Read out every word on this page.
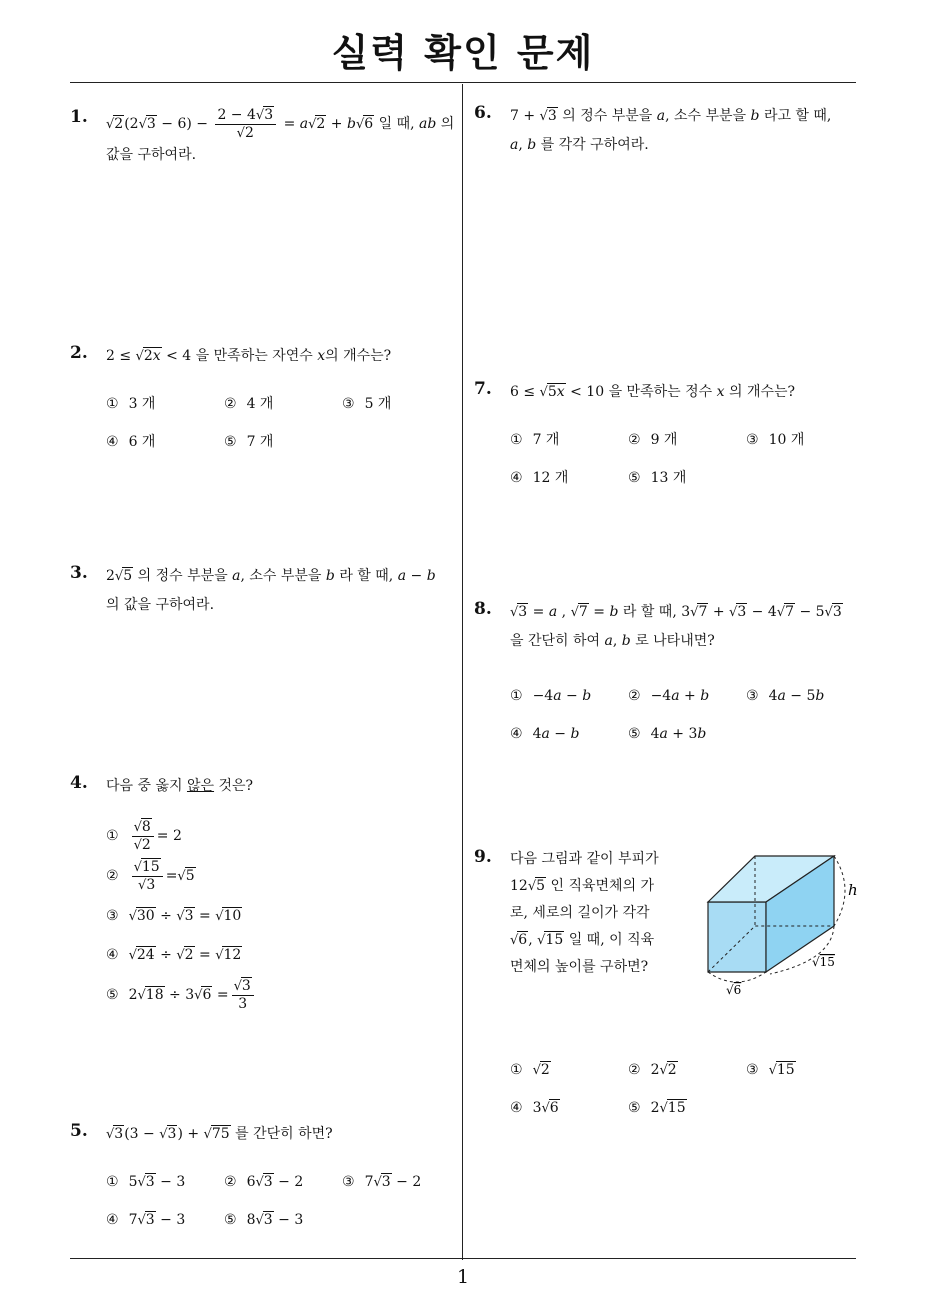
실력 확인 문제
1
1. $√2(2√3 - 6) - \frac{2 - 4√3}{√2} = a√2 + b√6$ 일 때, ab 의
값을 구하여라.
2. 2 ≤ √2x < 4 을 만족하는 자연수 x의 개수는?
① 3 개	② 4 개	③ 5 개
④ 6 개	⑤ 7 개
3. 2√5 의 정수 부분을 a, 소수 부분을 b 라 할 때, a − b
의 값을 구하여라.
4. 다음 중 옳지 않은 것은?
① $\frac{√8}{√2} = 2$
② $\frac{√15}{√3} = √5$
③ √30 ÷ √3 = √10
④ √24 ÷ √2 = √12
⑤ 2 √18 ÷ 3 $√6 = \frac{√3}{3}$
5. √3(3 − √3) + √75 를 간단히 하면?
① 5 √3 − 3	② 6 √3 − 2	③ 7 √3 − 2
④ 7 √3 − 3	⑤ 8 √3 − 3
6. 7 + √3 의 정수 부분을 a, 소수 부분을 b 라고 할 때,
a, b 를 각각 구하여라.
7. 6 ≤ √5x < 10 을 만족하는 정수 x 의 개수는?
① 7 개	② 9 개	③ 10 개
④ 12 개	⑤ 13 개
8. √3 = a , √7 = b 라 할 때, 3√7 + √3 − 4√7 − 5√3
을 간단히 하여 a, b 로 나타내면?
① −4 a − b	② −4 a + b	③ 4 a − 5 b
④ 4 a − b	⑤ 4 a + 3 b
9. 다음 그림과 같이 부피가
12√5 인 직육면체의 가
로, 세로의 길이가 각각
√6, √15 일 때, 이 직육
면체의 높이를 구하면?
① √2	② 2 √2	③ √15
④ 3 √6	⑤ 2 √15
h
√15
√6
